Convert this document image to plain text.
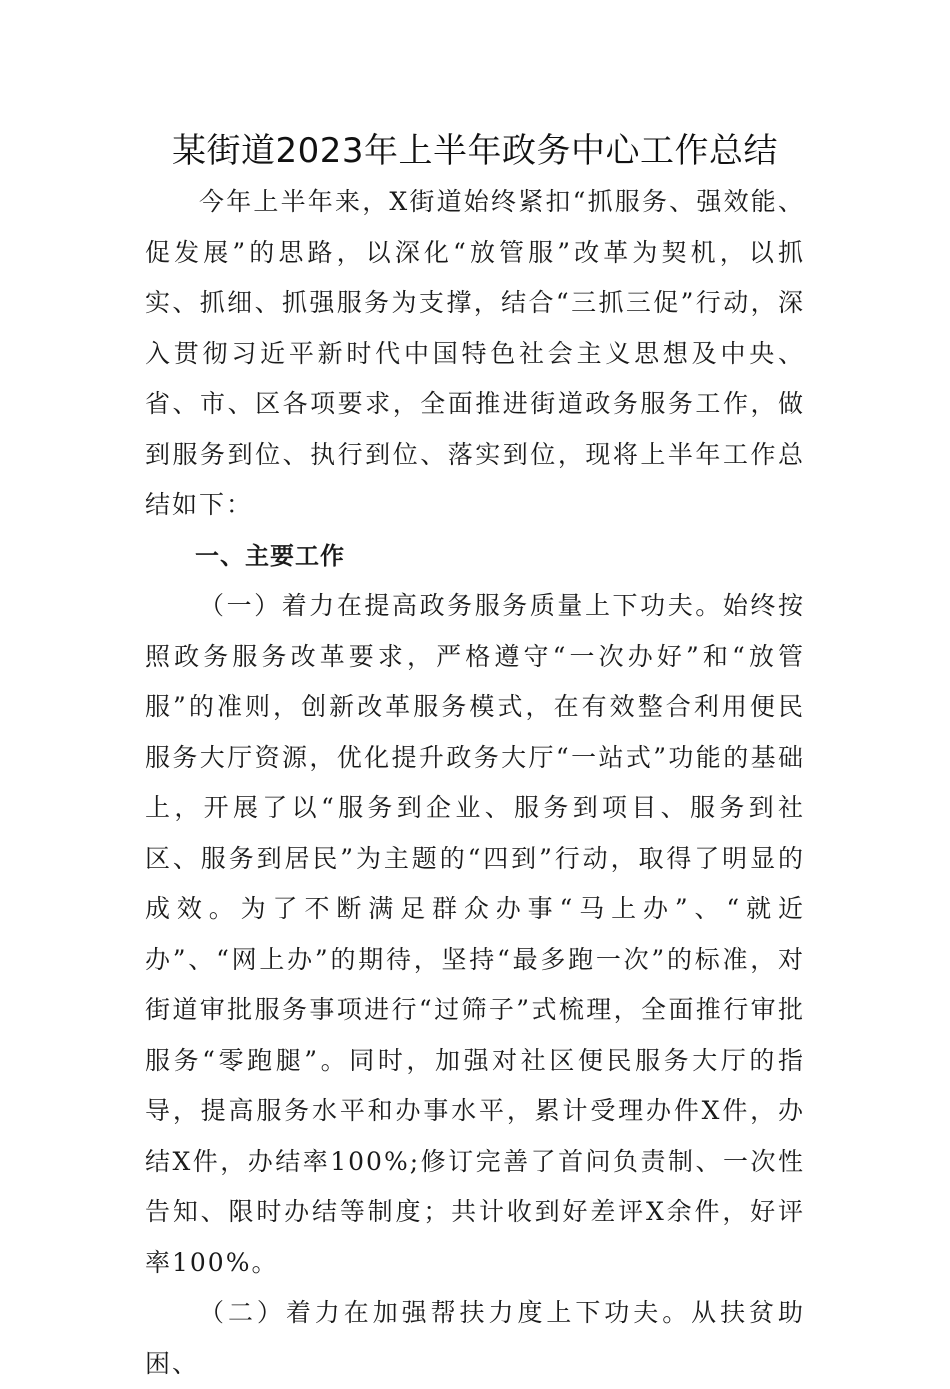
某街道2023年上半年政务中心工作总结

今年上半年来，X街道始终紧扣“抓服务、强效能、促发展”的思路，以深化“放管服”改革为契机，以抓实、抓细、抓强服务为支撑，结合“三抓三促”行动，深入贯彻习近平新时代中国特色社会主义思想及中央、省、市、区各项要求，全面推进街道政务服务工作，做到服务到位、执行到位、落实到位，现将上半年工作总结如下：

一、主要工作

（一）着力在提高政务服务质量上下功夫。始终按照政务服务改革要求，严格遵守“一次办好”和“放管服”的准则，创新改革服务模式，在有效整合利用便民服务大厅资源，优化提升政务大厅“一站式”功能的基础上，开展了以“服务到企业、服务到项目、服务到社区、服务到居民”为主题的“四到”行动，取得了明显的成效。为了不断满足群众办事“马上办”、“就近办”、“网上办”的期待，坚持“最多跑一次”的标准，对街道审批服务事项进行“过筛子”式梳理，全面推行审批服务“零跑腿”。同时，加强对社区便民服务大厅的指导，提高服务水平和办事水平，累计受理办件X件，办结X件，办结率100%;修订完善了首问负责制、一次性告知、限时办结等制度；共计收到好差评X余件，好评率100%。

（二）着力在加强帮扶力度上下功夫。从扶贫助困、
